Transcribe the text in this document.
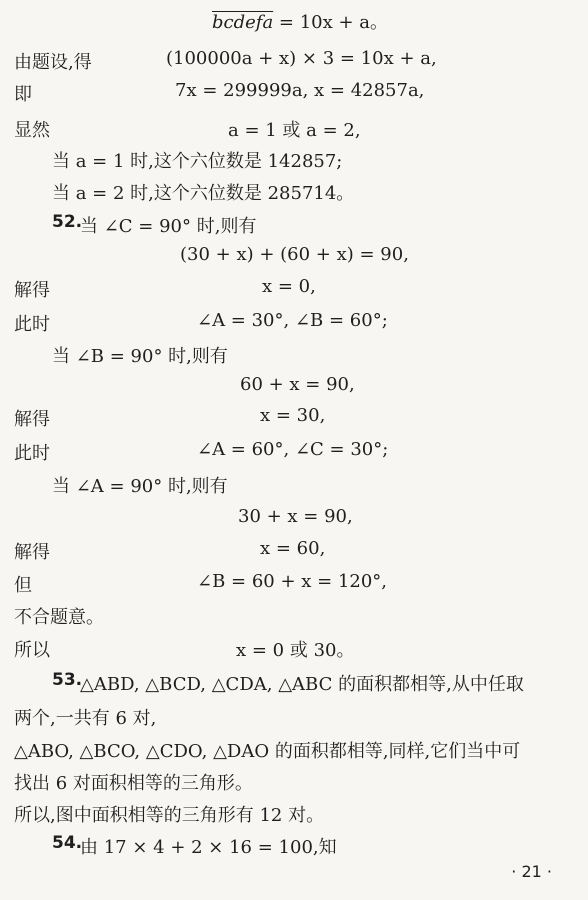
bcdefa = 10x + a。
由题设,得	(100000a + x) × 3 = 10x + a,
即	7x = 299999a, x = 42857a,
显然	a = 1 或 a = 2,
当 a = 1 时,这个六位数是 142857;
当 a = 2 时,这个六位数是 285714。
52.
当 ∠C = 90° 时,则有
(30 + x) + (60 + x) = 90,
解得	x = 0,
此时	∠A = 30°, ∠B = 60°;
当 ∠B = 90° 时,则有
60 + x = 90,
解得	x = 30,
此时	∠A = 60°, ∠C = 30°;
当 ∠A = 90° 时,则有
30 + x = 90,
解得	x = 60,
但	∠B = 60 + x = 120°,
不合题意。
所以	x = 0 或 30。
53.
△ABD, △BCD, △CDA, △ABC 的面积都相等,从中任取
两个,一共有 6 对,
△ABO, △BCO, △CDO, △DAO 的面积都相等,同样,它们当中可
找出 6 对面积相等的三角形。
所以,图中面积相等的三角形有 12 对。
54.
由 17 × 4 + 2 × 16 = 100,知
· 21 ·
